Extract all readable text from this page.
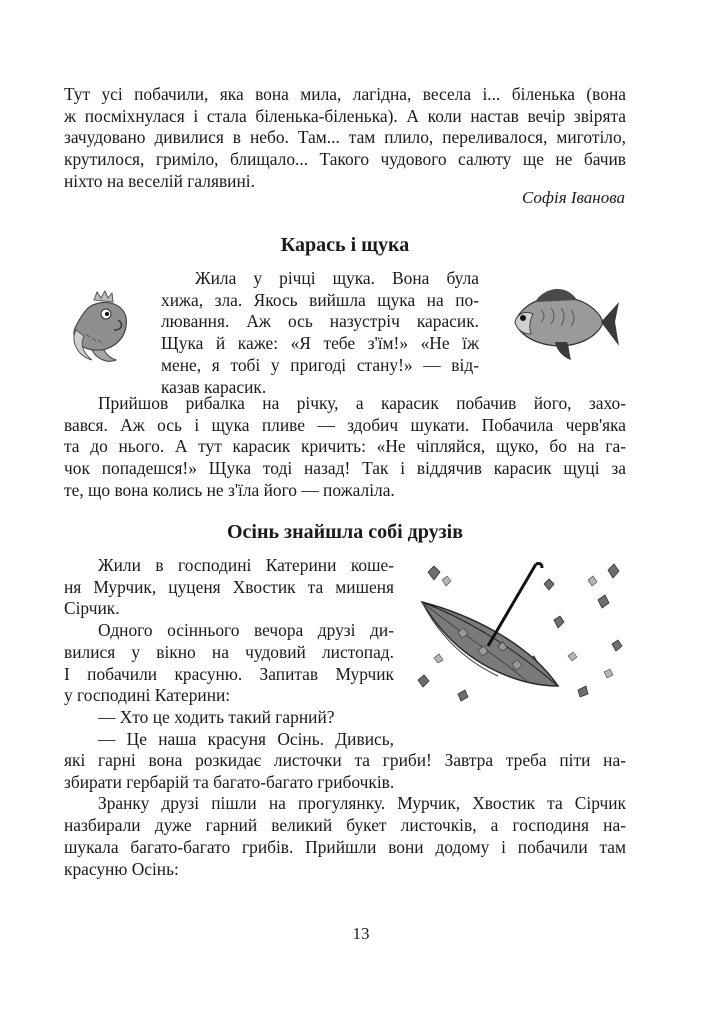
Тут усі побачили, яка вона мила, лагідна, весела і... біленька (вона
ж посміхнулася і стала біленька-біленька). А коли настав вечір звірята
зачудовано дивилися в небо. Там... там плило, переливалося, миготіло,
крутилося, гриміло, блищало... Такого чудового салюту ще не бачив
ніхто на веселій галявині.

Софія Іванова

Карась і щука

Жила у річці щука. Вона була
хижа, зла. Якось вийшла щука на по-
лювання. Аж ось назустріч карасик.
Щука й каже: «Я тебе з'їм!» «Не їж
мене, я тобі у пригоді стану!» — від-
казав карасик.

Прийшов рибалка на річку, а карасик побачив його, захо-
вався. Аж ось і щука пливе — здобич шукати. Побачила черв'яка
та до нього. А тут карасик кричить: «Не чіпляйся, щуко, бо на га-
чок попадешся!» Щука тоді назад! Так і віддячив карасик щуці за
те, що вона колись не з'їла його — пожаліла.

Осінь знайшла собі друзів

Жили в господині Катерини коше-
ня Мурчик, цуценя Хвостик та мишеня
Сірчик.
Одного осіннього вечора друзі ди-
вилися у вікно на чудовий листопад.
І побачили красуню. Запитав Мурчик
у господині Катерини:
— Хто це ходить такий гарний?
— Це наша красуня Осінь. Дивись,

які гарні вона розкидає листочки та гриби! Завтра треба піти на-
збирати гербарій та багато-багато грибочків.
Зранку друзі пішли на прогулянку. Мурчик, Хвостик та Сірчик
назбирали дуже гарний великий букет листочків, а господиня на-
шукала багато-багато грибів. Прийшли вони додому і побачили там
красуню Осінь:

13
